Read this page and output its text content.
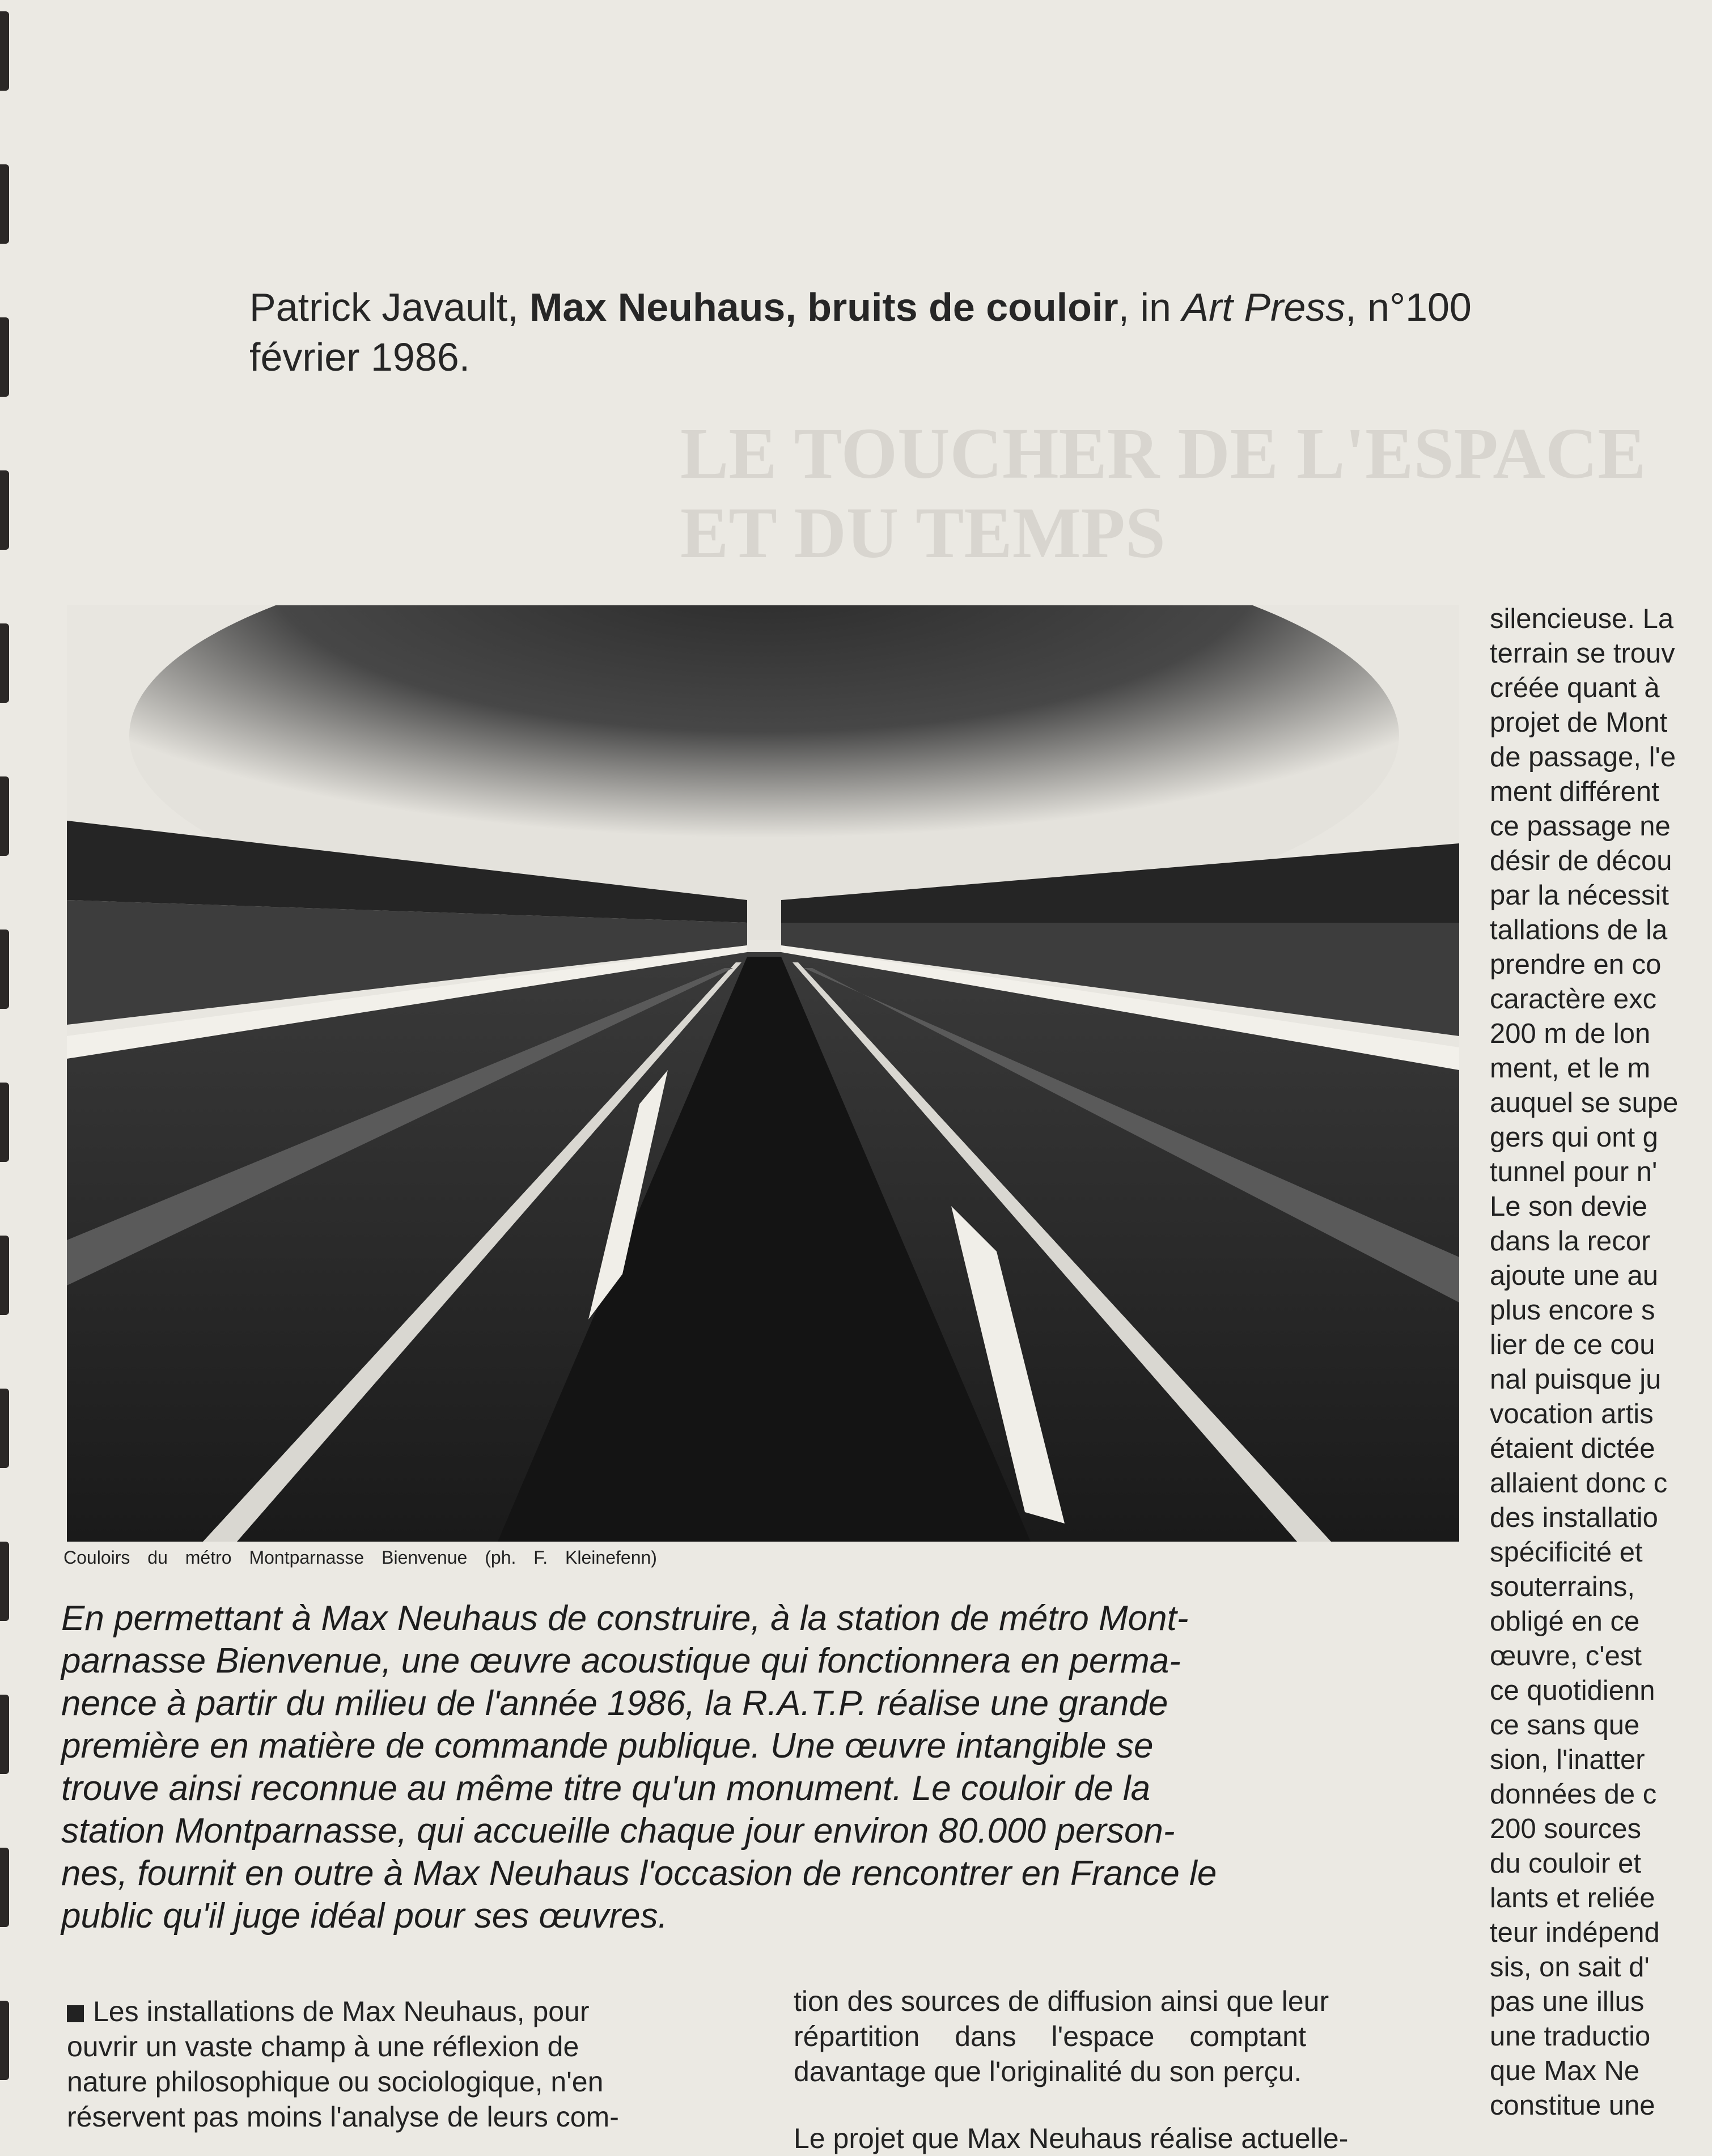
Patrick Javault, Max Neuhaus, bruits de couloir, in Art Press, n°100
février 1986.
LE TOUCHER DE L'ESPACE
ET DU TEMPS
Couloirs du métro Montparnasse Bienvenue (ph. F. Kleinefenn)
En permettant à Max Neuhaus de construire, à la station de métro Mont-
parnasse Bienvenue, une œuvre acoustique qui fonctionnera en perma-
nence à partir du milieu de l'année 1986, la R.A.T.P. réalise une grande
première en matière de commande publique. Une œuvre intangible se
trouve ainsi reconnue au même titre qu'un monument. Le couloir de la
station Montparnasse, qui accueille chaque jour environ 80.000 person-
nes, fournit en outre à Max Neuhaus l'occasion de rencontrer en France le
public qu'il juge idéal pour ses œuvres.
Les installations de Max Neuhaus, pour
ouvrir un vaste champ à une réflexion de
nature philosophique ou sociologique, n'en
réservent pas moins l'analyse de leurs com-
tion des sources de diffusion ainsi que leur
répartition dans l'espace comptant
davantage que l'originalité du son perçu.
Le projet que Max Neuhaus réalise actuelle-
silencieuse. La
terrain se trouv
créée quant à
projet de Mont
de passage, l'e
ment différent
ce passage ne
désir de décou
par la nécessit
tallations de la
prendre en co
caractère exc
200 m de lon
ment, et le m
auquel se supe
gers qui ont g
tunnel pour n'
Le son devie
dans la recor
ajoute une au
plus encore s
lier de ce cou
nal puisque ju
vocation artis
étaient dictée
allaient donc c
des installatio
spécificité et
souterrains,
obligé en ce
œuvre, c'est
ce quotidienn
ce sans que
sion, l'inatter
données de c
200 sources
du couloir et
lants et reliée
teur indépend
sis, on sait d'
pas une illus
une traductio
que Max Ne
constitue une
